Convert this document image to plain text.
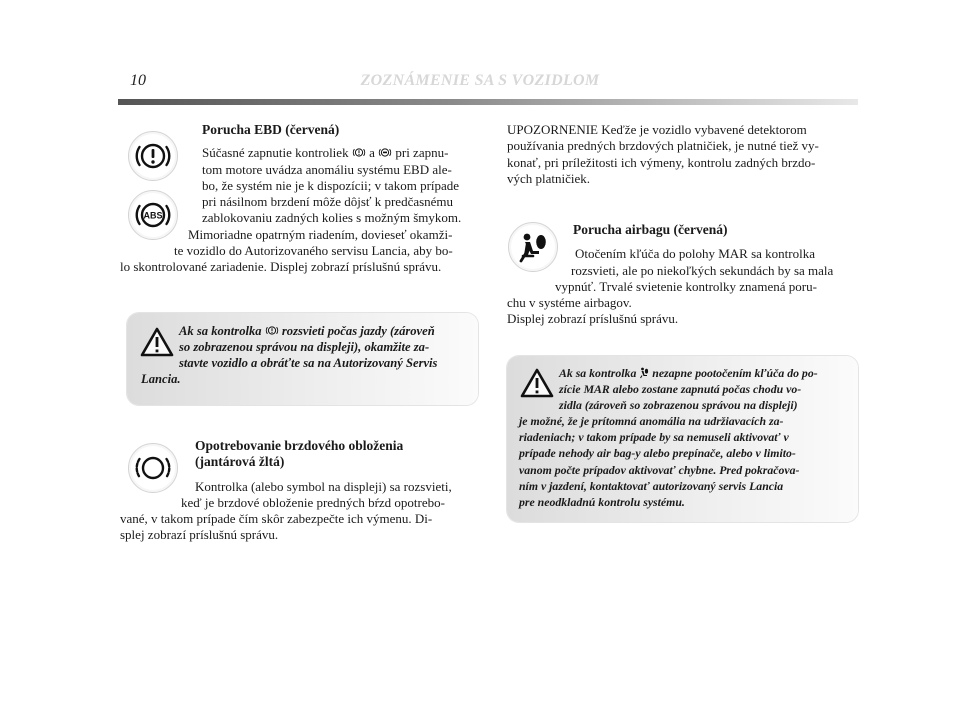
10	ZOZNÁMENIE SA S VOZIDLOM
ABS

Porucha EBD (červená)

Súčasné zapnutie kontroliek  a  pri zapnu-

tom motore uvádza anomáliu systému EBD ale-

bo, že systém nie je k dispozícii; v takom prípade

pri násilnom brzdení môže dôjsť k predčasnému

zablokovaniu zadných kolies s možným šmykom.

Mimoriadne opatrným riadením, dovieseť okamži-

te vozidlo do Autorizovaného servisu Lancia, aby bo-

lo skontrolované zariadenie. Displej zobrazí príslušnú správu.

Ak sa kontrolka  rozsvieti počas jazdy (zároveň
so zobrazenou správou na displeji), okamžite za-
stavte vozidlo a obráťte sa na Autorizovaný Servis
Lancia.

Opotrebovanie brzdového obloženia

(jantárová žltá)

Kontrolka (alebo symbol na displeji) sa rozsvieti,

keď je brzdové obloženie predných bŕzd opotrebo-

vané, v takom prípade čím skôr zabezpečte ich výmenu. Di-

splej zobrazí príslušnú správu.

UPOZORNENIE Keďže je vozidlo vybavené detektorom

používania predných brzdových platničiek, je nutné tiež vy-

konať, pri príležitosti ich výmeny, kontrolu zadných brzdo-

vých platničiek.

Porucha airbagu (červená)

Otočením kľúča do polohy MAR sa kontrolka

rozsvieti, ale po niekoľkých sekundách by sa mala

vypnúť. Trvalé svietenie kontrolky znamená poru-

chu v systéme airbagov.

Displej zobrazí príslušnú správu.

Ak sa kontrolka  nezapne pootočením kľúča do po-
zície MAR alebo zostane zapnutá počas chodu vo-
zidla (zároveň so zobrazenou správou na displeji)
je možné, že je prítomná anomália na udržiavacích za-
riadeniach; v takom prípade by sa nemuseli aktivovať v
prípade nehody air bag-y alebo prepínače, alebo v limito-
vanom počte prípadov aktivovať chybne. Pred pokračova-
ním v jazdení, kontaktovať autorizovaný servis Lancia
pre neodkladnú kontrolu systému.
